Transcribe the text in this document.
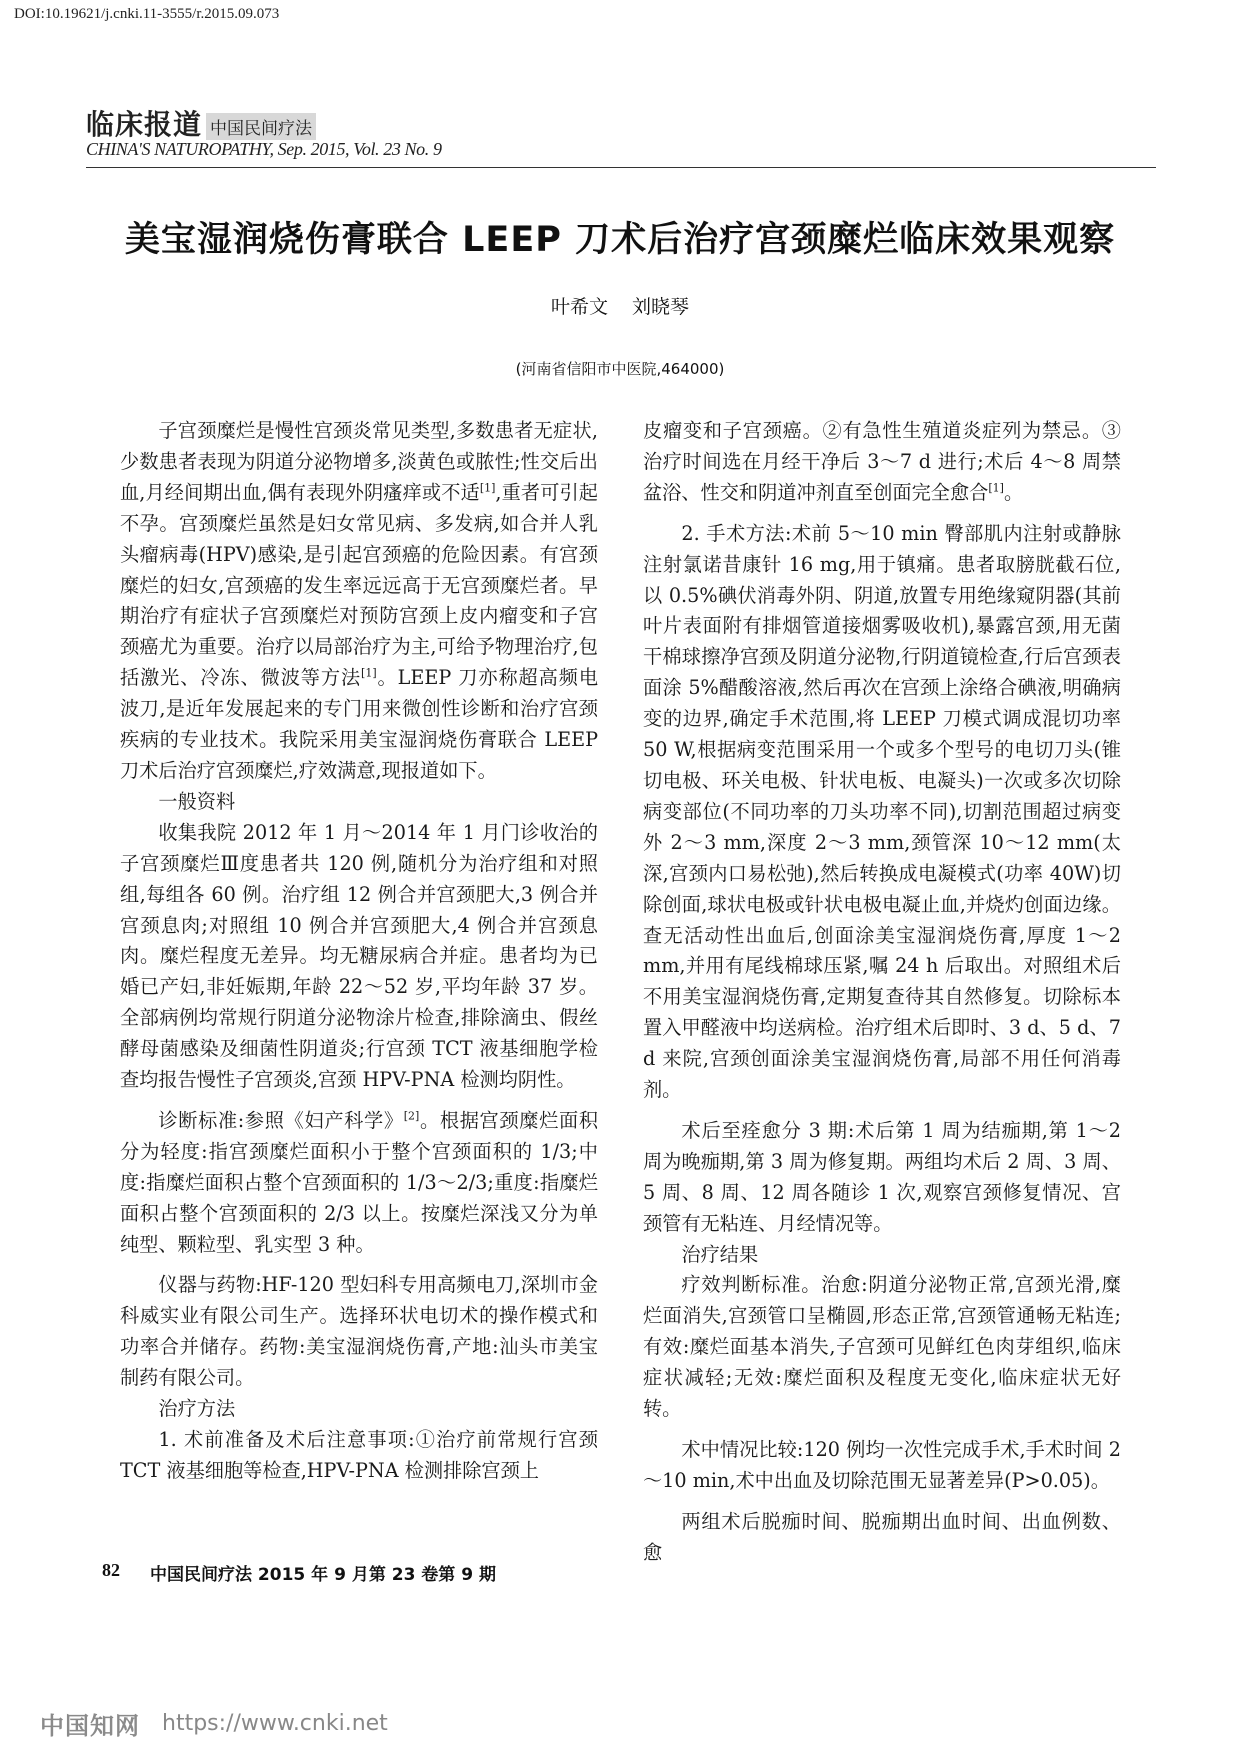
DOI:10.19621/j.cnki.11-3555/r.2015.09.073
临床报道 中国民间疗法
CHINA'S NATUROPATHY, Sep. 2015, Vol. 23 No. 9
美宝湿润烧伤膏联合 LEEP 刀术后治疗宫颈糜烂临床效果观察
叶希文 刘晓琴
(河南省信阳市中医院,464000)

子宫颈糜烂是慢性宫颈炎常见类型,多数患者无症状,少数患者表现为阴道分泌物增多,淡黄色或脓性;性交后出血,月经间期出血,偶有表现外阴瘙痒或不适[1],重者可引起不孕。宫颈糜烂虽然是妇女常见病、多发病,如合并人乳头瘤病毒(HPV)感染,是引起宫颈癌的危险因素。有宫颈糜烂的妇女,宫颈癌的发生率远远高于无宫颈糜烂者。早期治疗有症状子宫颈糜烂对预防宫颈上皮内瘤变和子宫颈癌尤为重要。治疗以局部治疗为主,可给予物理治疗,包括激光、冷冻、微波等方法[1]。LEEP 刀亦称超高频电波刀,是近年发展起来的专门用来微创性诊断和治疗宫颈疾病的专业技术。我院采用美宝湿润烧伤膏联合 LEEP 刀术后治疗宫颈糜烂,疗效满意,现报道如下。

一般资料

收集我院 2012 年 1 月～2014 年 1 月门诊收治的子宫颈糜烂Ⅲ度患者共 120 例,随机分为治疗组和对照组,每组各 60 例。治疗组 12 例合并宫颈肥大,3 例合并宫颈息肉;对照组 10 例合并宫颈肥大,4 例合并宫颈息肉。糜烂程度无差异。均无糖尿病合并症。患者均为已婚已产妇,非妊娠期,年龄 22～52 岁,平均年龄 37 岁。全部病例均常规行阴道分泌物涂片检查,排除滴虫、假丝酵母菌感染及细菌性阴道炎;行宫颈 TCT 液基细胞学检查均报告慢性子宫颈炎,宫颈 HPV-PNA 检测均阴性。

诊断标准:参照《妇产科学》[2]。根据宫颈糜烂面积分为轻度:指宫颈糜烂面积小于整个宫颈面积的 1/3;中度:指糜烂面积占整个宫颈面积的 1/3～2/3;重度:指糜烂面积占整个宫颈面积的 2/3 以上。按糜烂深浅又分为单纯型、颗粒型、乳实型 3 种。

仪器与药物:HF-120 型妇科专用高频电刀,深圳市金科威实业有限公司生产。选择环状电切术的操作模式和功率合并储存。药物:美宝湿润烧伤膏,产地:汕头市美宝制药有限公司。

治疗方法

1. 术前准备及术后注意事项:①治疗前常规行宫颈 TCT 液基细胞等检查,HPV-PNA 检测排除宫颈上

皮瘤变和子宫颈癌。②有急性生殖道炎症列为禁忌。③治疗时间选在月经干净后 3～7 d 进行;术后 4～8 周禁盆浴、性交和阴道冲剂直至创面完全愈合[1]。

2. 手术方法:术前 5～10 min 臀部肌内注射或静脉注射氯诺昔康针 16 mg,用于镇痛。患者取膀胱截石位,以 0.5%碘伏消毒外阴、阴道,放置专用绝缘窥阴器(其前叶片表面附有排烟管道接烟雾吸收机),暴露宫颈,用无菌干棉球擦净宫颈及阴道分泌物,行阴道镜检查,行后宫颈表面涂 5%醋酸溶液,然后再次在宫颈上涂络合碘液,明确病变的边界,确定手术范围,将 LEEP 刀模式调成混切功率 50 W,根据病变范围采用一个或多个型号的电切刀头(锥切电极、环关电极、针状电板、电凝头)一次或多次切除病变部位(不同功率的刀头功率不同),切割范围超过病变外 2～3 mm,深度 2～3 mm,颈管深 10～12 mm(太深,宫颈内口易松弛),然后转换成电凝模式(功率 40W)切除创面,球状电极或针状电极电凝止血,并烧灼创面边缘。查无活动性出血后,创面涂美宝湿润烧伤膏,厚度 1～2 mm,并用有尾线棉球压紧,嘱 24 h 后取出。对照组术后不用美宝湿润烧伤膏,定期复查待其自然修复。切除标本置入甲醛液中均送病检。治疗组术后即时、3 d、5 d、7 d 来院,宫颈创面涂美宝湿润烧伤膏,局部不用任何消毒剂。

术后至痊愈分 3 期:术后第 1 周为结痂期,第 1～2 周为晚痂期,第 3 周为修复期。两组均术后 2 周、3 周、5 周、8 周、12 周各随诊 1 次,观察宫颈修复情况、宫颈管有无粘连、月经情况等。

治疗结果

疗效判断标准。治愈:阴道分泌物正常,宫颈光滑,糜烂面消失,宫颈管口呈椭圆,形态正常,宫颈管通畅无粘连;有效:糜烂面基本消失,子宫颈可见鲜红色肉芽组织,临床症状减轻;无效:糜烂面积及程度无变化,临床症状无好转。

术中情况比较:120 例均一次性完成手术,手术时间 2～10 min,术中出血及切除范围无显著差异(P>0.05)。

两组术后脱痂时间、脱痂期出血时间、出血例数、愈

82 中国民间疗法 2015 年 9 月第 23 卷第 9 期
中国知网 https://www.cnki.net
